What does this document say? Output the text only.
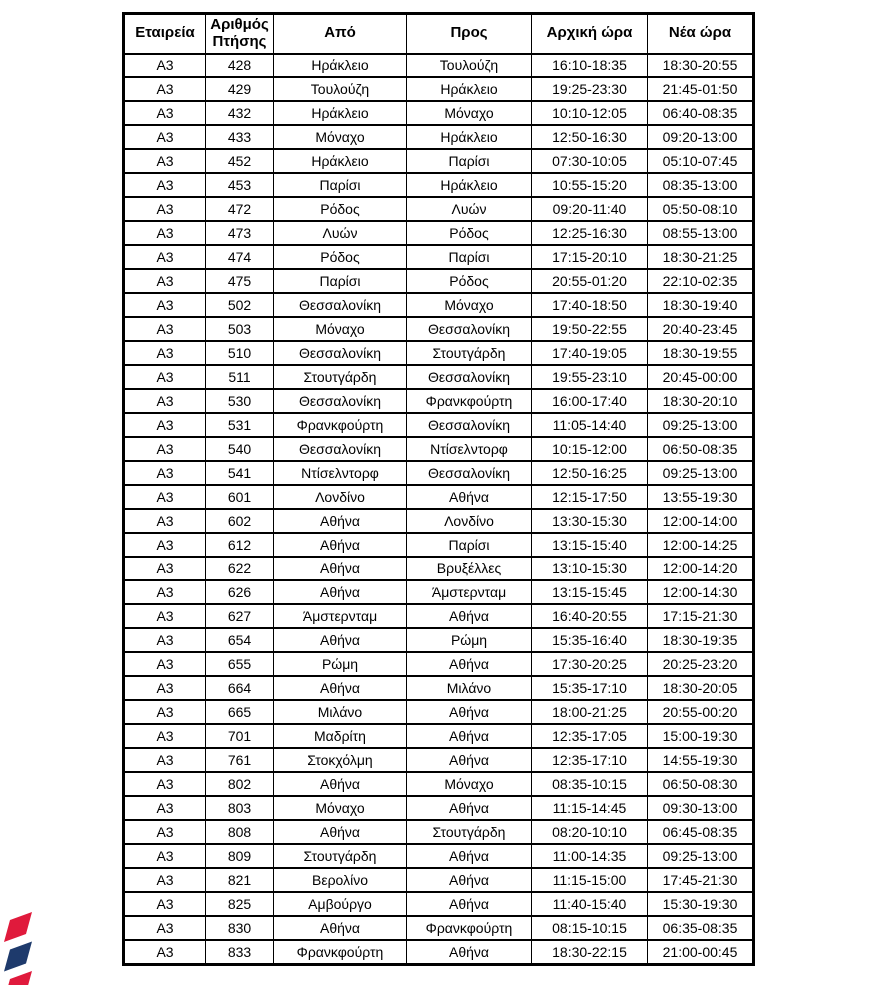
Εταιρεία	Αριθμός Πτήσης	Από	Προς	Αρχική ώρα	Νέα ώρα
A3	428	Ηράκλειο	Τουλούζη	16:10-18:35	18:30-20:55
A3	429	Τουλούζη	Ηράκλειο	19:25-23:30	21:45-01:50
A3	432	Ηράκλειο	Μόναχο	10:10-12:05	06:40-08:35
A3	433	Μόναχο	Ηράκλειο	12:50-16:30	09:20-13:00
A3	452	Ηράκλειο	Παρίσι	07:30-10:05	05:10-07:45
A3	453	Παρίσι	Ηράκλειο	10:55-15:20	08:35-13:00
A3	472	Ρόδος	Λυών	09:20-11:40	05:50-08:10
A3	473	Λυών	Ρόδος	12:25-16:30	08:55-13:00
A3	474	Ρόδος	Παρίσι	17:15-20:10	18:30-21:25
A3	475	Παρίσι	Ρόδος	20:55-01:20	22:10-02:35
A3	502	Θεσσαλονίκη	Μόναχο	17:40-18:50	18:30-19:40
A3	503	Μόναχο	Θεσσαλονίκη	19:50-22:55	20:40-23:45
A3	510	Θεσσαλονίκη	Στουτγάρδη	17:40-19:05	18:30-19:55
A3	511	Στουτγάρδη	Θεσσαλονίκη	19:55-23:10	20:45-00:00
A3	530	Θεσσαλονίκη	Φρανκφούρτη	16:00-17:40	18:30-20:10
A3	531	Φρανκφούρτη	Θεσσαλονίκη	11:05-14:40	09:25-13:00
A3	540	Θεσσαλονίκη	Ντίσελντορφ	10:15-12:00	06:50-08:35
A3	541	Ντίσελντορφ	Θεσσαλονίκη	12:50-16:25	09:25-13:00
A3	601	Λονδίνο	Αθήνα	12:15-17:50	13:55-19:30
A3	602	Αθήνα	Λονδίνο	13:30-15:30	12:00-14:00
A3	612	Αθήνα	Παρίσι	13:15-15:40	12:00-14:25
A3	622	Αθήνα	Βρυξέλλες	13:10-15:30	12:00-14:20
A3	626	Αθήνα	Άμστερνταμ	13:15-15:45	12:00-14:30
A3	627	Άμστερνταμ	Αθήνα	16:40-20:55	17:15-21:30
A3	654	Αθήνα	Ρώμη	15:35-16:40	18:30-19:35
A3	655	Ρώμη	Αθήνα	17:30-20:25	20:25-23:20
A3	664	Αθήνα	Μιλάνο	15:35-17:10	18:30-20:05
A3	665	Μιλάνο	Αθήνα	18:00-21:25	20:55-00:20
A3	701	Μαδρίτη	Αθήνα	12:35-17:05	15:00-19:30
A3	761	Στοκχόλμη	Αθήνα	12:35-17:10	14:55-19:30
A3	802	Αθήνα	Μόναχο	08:35-10:15	06:50-08:30
A3	803	Μόναχο	Αθήνα	11:15-14:45	09:30-13:00
A3	808	Αθήνα	Στουτγάρδη	08:20-10:10	06:45-08:35
A3	809	Στουτγάρδη	Αθήνα	11:00-14:35	09:25-13:00
A3	821	Βερολίνο	Αθήνα	11:15-15:00	17:45-21:30
A3	825	Αμβούργο	Αθήνα	11:40-15:40	15:30-19:30
A3	830	Αθήνα	Φρανκφούρτη	08:15-10:15	06:35-08:35
A3	833	Φρανκφούρτη	Αθήνα	18:30-22:15	21:00-00:45
